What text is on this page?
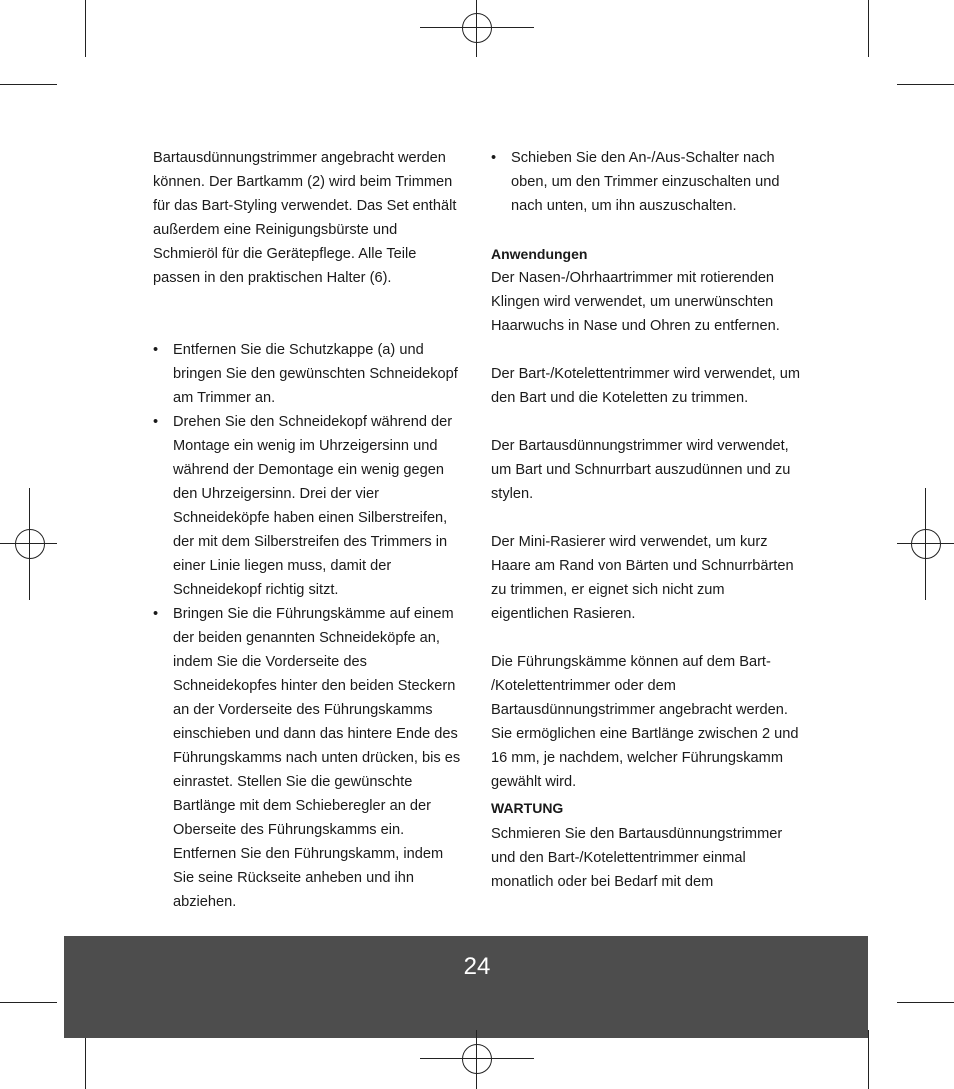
Bartausdünnungstrimmer angebracht werden können. Der Bartkamm (2) wird beim Trimmen für das Bart-Styling verwendet. Das Set enthält außerdem eine Reinigungsbürste und Schmieröl für die Gerätepflege. Alle Teile passen in den praktischen Halter (6).

• Entfernen Sie die Schutzkappe (a) und bringen Sie den gewünschten Schneidekopf am Trimmer an.
• Drehen Sie den Schneidekopf während der Montage ein wenig im Uhrzeigersinn und während der Demontage ein wenig gegen den Uhrzeigersinn. Drei der vier Schneideköpfe haben einen Silberstreifen, der mit dem Silberstreifen des Trimmers in einer Linie liegen muss, damit der Schneidekopf richtig sitzt.
• Bringen Sie die Führungskämme auf einem der beiden genannten Schneideköpfe an, indem Sie die Vorderseite des Schneidekopfes hinter den beiden Steckern an der Vorderseite des Führungskamms einschieben und dann das hintere Ende des Führungskamms nach unten drücken, bis es einrastet. Stellen Sie die gewünschte Bartlänge mit dem Schieberegler an der Oberseite des Führungskamms ein. Entfernen Sie den Führungskamm, indem Sie seine Rückseite anheben und ihn abziehen.
• Schieben Sie den An-/Aus-Schalter nach oben, um den Trimmer einzuschalten und nach unten, um ihn auszuschalten.

Anwendungen

Der Nasen-/Ohrhaartrimmer mit rotierenden Klingen wird verwendet, um unerwünschten Haarwuchs in Nase und Ohren zu entfernen.

Der Bart-/Kotelettentrimmer wird verwendet, um den Bart und die Koteletten zu trimmen.

Der Bartausdünnungstrimmer wird verwendet, um Bart und Schnurrbart auszudünnen und zu stylen.

Der Mini-Rasierer wird verwendet, um kurz Haare am Rand von Bärten und Schnurrbärten zu trimmen, er eignet sich nicht zum eigentlichen Rasieren.

Die Führungskämme können auf dem Bart- /Kotelettentrimmer oder dem Bartausdünnungstrimmer angebracht werden. Sie ermöglichen eine Bartlänge zwischen 2 und 16 mm, je nachdem, welcher Führungskamm gewählt wird.

WARTUNG

Schmieren Sie den Bartausdünnungstrimmer und den Bart-/Kotelettentrimmer einmal monatlich oder bei Bedarf mit dem

24
